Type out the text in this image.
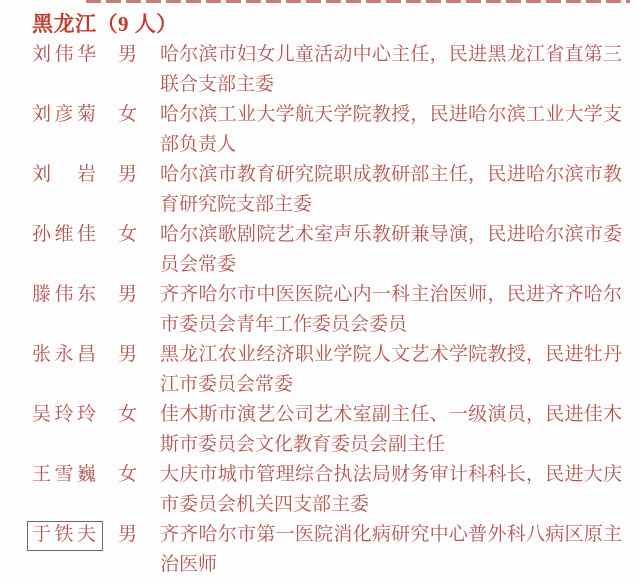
黑龙江（9 人）
刘伟华 男 哈尔滨市妇女儿童活动中心主任，民进黑龙江省直第三联合支部主委
刘彦菊 女 哈尔滨工业大学航天学院教授，民进哈尔滨工业大学支部负责人
刘岩 男 哈尔滨市教育研究院职成教研部主任，民进哈尔滨市教育研究院支部主委
孙维佳 女 哈尔滨歌剧院艺术室声乐教研兼导演，民进哈尔滨市委员会常委
滕伟东 男 齐齐哈尔市中医医院心内一科主治医师，民进齐齐哈尔市委员会青年工作委员会委员
张永昌 男 黑龙江农业经济职业学院人文艺术学院教授，民进牡丹江市委员会常委
吴玲玲 女 佳木斯市演艺公司艺术室副主任、一级演员，民进佳木斯市委员会文化教育委员会副主任
王雪巍 女 大庆市城市管理综合执法局财务审计科科长，民进大庆市委员会机关四支部主委
于铁夫 男 齐齐哈尔市第一医院消化病研究中心普外科八病区原主治医师
